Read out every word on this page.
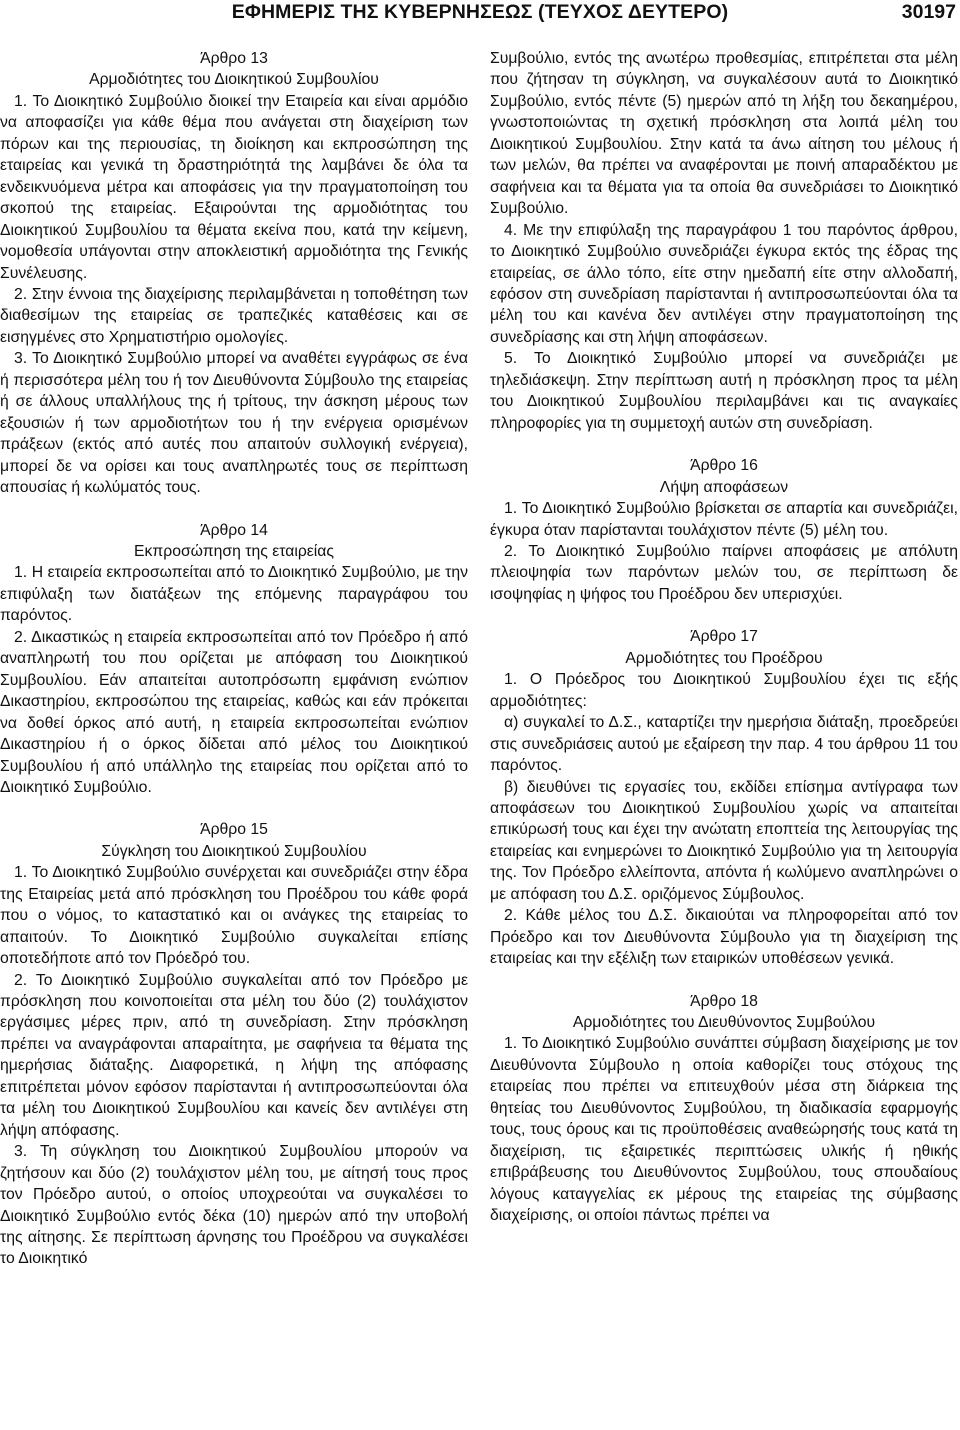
ΕΦΗΜΕΡΙΣ ΤΗΣ ΚΥΒΕΡΝΗΣΕΩΣ (ΤΕΥΧΟΣ ΔΕΥΤΕΡΟ)	30197

Άρθρο 13

Αρμοδιότητες του Διοικητικού Συμβουλίου

1. Το Διοικητικό Συμβούλιο διοικεί την Εταιρεία και είναι αρμόδιο να αποφασίζει για κάθε θέμα που ανάγεται στη διαχείριση των πόρων και της περιουσίας, τη διοίκηση και εκπροσώπηση της εταιρείας και γενικά τη δραστηριότητά της λαμβάνει δε όλα τα ενδεικνυόμενα μέτρα και αποφάσεις για την πραγματοποίηση του σκοπού της εταιρείας. Εξαιρούνται της αρμοδιότητας του Διοικητικού Συμβουλίου τα θέματα εκείνα που, κατά την κείμενη, νομοθεσία υπάγονται στην αποκλειστική αρμοδιότητα της Γενικής Συνέλευσης.

2. Στην έννοια της διαχείρισης περιλαμβάνεται η τοποθέτηση των διαθεσίμων της εταιρείας σε τραπεζικές καταθέσεις και σε εισηγμένες στο Χρηματιστήριο ομολογίες.

3. Το Διοικητικό Συμβούλιο μπορεί να αναθέτει εγγράφως σε ένα ή περισσότερα μέλη του ή τον Διευθύνοντα Σύμβουλο της εταιρείας ή σε άλλους υπαλλήλους της ή τρίτους, την άσκηση μέρους των εξουσιών ή των αρμοδιοτήτων του ή την ενέργεια ορισμένων πράξεων (εκτός από αυτές που απαιτούν συλλογική ενέργεια), μπορεί δε να ορίσει και τους αναπληρωτές τους σε περίπτωση απουσίας ή κωλύματός τους.

Άρθρο 14

Εκπροσώπηση της εταιρείας

1. Η εταιρεία εκπροσωπείται από το Διοικητικό Συμβούλιο, με την επιφύλαξη των διατάξεων της επόμενης παραγράφου του παρόντος.

2. Δικαστικώς η εταιρεία εκπροσωπείται από τον Πρόεδρο ή από αναπληρωτή του που ορίζεται με απόφαση του Διοικητικού Συμβουλίου. Εάν απαιτείται αυτοπρόσωπη εμφάνιση ενώπιον Δικαστηρίου, εκπροσώπου της εταιρείας, καθώς και εάν πρόκειται να δοθεί όρκος από αυτή, η εταιρεία εκπροσωπείται ενώπιον Δικαστηρίου ή ο όρκος δίδεται από μέλος του Διοικητικού Συμβουλίου ή από υπάλληλο της εταιρείας που ορίζεται από το Διοικητικό Συμβούλιο.

Άρθρο 15

Σύγκληση του Διοικητικού Συμβουλίου

1. Το Διοικητικό Συμβούλιο συνέρχεται και συνεδριάζει στην έδρα της Εταιρείας μετά από πρόσκληση του Προέδρου του κάθε φορά που ο νόμος, το καταστατικό και οι ανάγκες της εταιρείας το απαιτούν. Το Διοικητικό Συμβούλιο συγκαλείται επίσης οποτεδήποτε από τον Πρόεδρό του.

2. Το Διοικητικό Συμβούλιο συγκαλείται από τον Πρόεδρο με πρόσκληση που κοινοποιείται στα μέλη του δύο (2) τουλάχιστον εργάσιμες μέρες πριν, από τη συνεδρίαση. Στην πρόσκληση πρέπει να αναγράφονται απαραίτητα, με σαφήνεια τα θέματα της ημερήσιας διάταξης. Διαφορετικά, η λήψη της απόφασης επιτρέπεται μόνον εφόσον παρίστανται ή αντιπροσωπεύονται όλα τα μέλη του Διοικητικού Συμβουλίου και κανείς δεν αντιλέγει στη λήψη απόφασης.

3. Τη σύγκληση του Διοικητικού Συμβουλίου μπορούν να ζητήσουν και δύο (2) τουλάχιστον μέλη του, με αίτησή τους προς τον Πρόεδρο αυτού, ο οποίος υποχρεούται να συγκαλέσει το Διοικητικό Συμβούλιο εντός δέκα (10) ημερών από την υποβολή της αίτησης. Σε περίπτωση άρνησης του Προέδρου να συγκαλέσει το Διοικητικό

Συμβούλιο, εντός της ανωτέρω προθεσμίας, επιτρέπεται στα μέλη που ζήτησαν τη σύγκληση, να συγκαλέσουν αυτά το Διοικητικό Συμβούλιο, εντός πέντε (5) ημερών από τη λήξη του δεκαημέρου, γνωστοποιώντας τη σχετική πρόσκληση στα λοιπά μέλη του Διοικητικού Συμβουλίου. Στην κατά τα άνω αίτηση του μέλους ή των μελών, θα πρέπει να αναφέρονται με ποινή απαραδέκτου με σαφήνεια και τα θέματα για τα οποία θα συνεδριάσει το Διοικητικό Συμβούλιο.

4. Με την επιφύλαξη της παραγράφου 1 του παρόντος άρθρου, το Διοικητικό Συμβούλιο συνεδριάζει έγκυρα εκτός της έδρας της εταιρείας, σε άλλο τόπο, είτε στην ημεδαπή είτε στην αλλοδαπή, εφόσον στη συνεδρίαση παρίστανται ή αντιπροσωπεύονται όλα τα μέλη του και κανένα δεν αντιλέγει στην πραγματοποίηση της συνεδρίασης και στη λήψη αποφάσεων.

5. Το Διοικητικό Συμβούλιο μπορεί να συνεδριάζει με τηλεδιάσκεψη. Στην περίπτωση αυτή η πρόσκληση προς τα μέλη του Διοικητικού Συμβουλίου περιλαμβάνει και τις αναγκαίες πληροφορίες για τη συμμετοχή αυτών στη συνεδρίαση.

Άρθρο 16

Λήψη αποφάσεων

1. Το Διοικητικό Συμβούλιο βρίσκεται σε απαρτία και συνεδριάζει, έγκυρα όταν παρίστανται τουλάχιστον πέντε (5) μέλη του.

2. Το Διοικητικό Συμβούλιο παίρνει αποφάσεις με απόλυτη πλειοψηφία των παρόντων μελών του, σε περίπτωση δε ισοψηφίας η ψήφος του Προέδρου δεν υπερισχύει.

Άρθρο 17

Αρμοδιότητες του Προέδρου

1. Ο Πρόεδρος του Διοικητικού Συμβουλίου έχει τις εξής αρμοδιότητες:

α) συγκαλεί το Δ.Σ., καταρτίζει την ημερήσια διάταξη, προεδρεύει στις συνεδριάσεις αυτού με εξαίρεση την παρ. 4 του άρθρου 11 του παρόντος.

β) διευθύνει τις εργασίες του, εκδίδει επίσημα αντίγραφα των αποφάσεων του Διοικητικού Συμβουλίου χωρίς να απαιτείται επικύρωσή τους και έχει την ανώτατη εποπτεία της λειτουργίας της εταιρείας και ενημερώνει το Διοικητικό Συμβούλιο για τη λειτουργία της. Τον Πρόεδρο ελλείποντα, απόντα ή κωλύμενο αναπληρώνει ο με απόφαση του Δ.Σ. οριζόμενος Σύμβουλος.

2. Κάθε μέλος του Δ.Σ. δικαιούται να πληροφορείται από τον Πρόεδρο και τον Διευθύνοντα Σύμβουλο για τη διαχείριση της εταιρείας και την εξέλιξη των εταιρικών υποθέσεων γενικά.

Άρθρο 18

Αρμοδιότητες του Διευθύνοντος Συμβούλου

1. Το Διοικητικό Συμβούλιο συνάπτει σύμβαση διαχείρισης με τον Διευθύνοντα Σύμβουλο η οποία καθορίζει τους στόχους της εταιρείας που πρέπει να επιτευχθούν μέσα στη διάρκεια της θητείας του Διευθύνοντος Συμβούλου, τη διαδικασία εφαρμογής τους, τους όρους και τις προϋποθέσεις αναθεώρησής τους κατά τη διαχείριση, τις εξαιρετικές περιπτώσεις υλικής ή ηθικής επιβράβευσης του Διευθύνοντος Συμβούλου, τους σπουδαίους λόγους καταγγελίας εκ μέρους της εταιρείας της σύμβασης διαχείρισης, οι οποίοι πάντως πρέπει να
